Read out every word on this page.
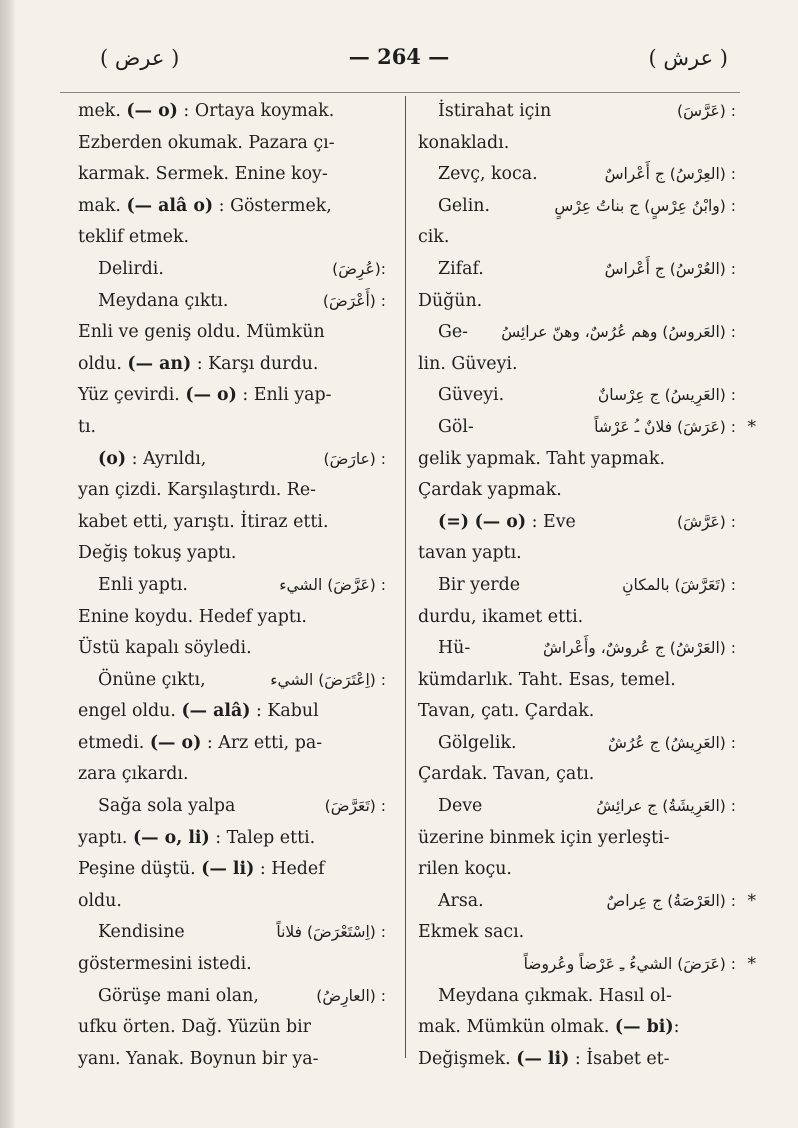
( عرض )	— 264 —	( عرش )
mek. (— o) : Ortaya koymak.
Ezberden okumak. Pazara çı-
karmak. Sermek. Enine koy-
mak. (— alâ o) : Göstermek,
teklif etmek.
Delirdi.	:(عُرِضَ)
Meydana çıktı.	: (أَعْرَضَ)
Enli ve geniş oldu. Mümkün
oldu. (— an) : Karşı durdu.
Yüz çevirdi. (— o) : Enli yap-
tı.
(o) : Ayrıldı,	: (عارَضَ)
yan çizdi. Karşılaştırdı. Re-
kabet etti, yarıştı. İtiraz etti.
Değiş tokuş yaptı.
Enli yaptı.	: (عَرَّضَ) الشيء
Enine koydu. Hedef yaptı.
Üstü kapalı söyledi.
Önüne çıktı,	: (اِعْتَرَضَ) الشيء
engel oldu. (— alâ) : Kabul
etmedi. (— o) : Arz etti, pa-
zara çıkardı.
Sağa sola yalpa	: (تَعَرَّضَ)
yaptı. (— o, li) : Talep etti.
Peşine düştü. (— li) : Hedef
oldu.
Kendisine	: (اِسْتَعْرَضَ) فلاناً
göstermesini istedi.
Görüşe mani olan,	: (العارِضُ)
ufku örten. Dağ. Yüzün bir
yanı. Yanak. Boynun bir ya-
İstirahat için	: (عَرَّسَ)
konakladı.
Zevç, koca.	: (العِرْسُ) ج أَعْراسٌ
Gelin.	: (وابْنُ عِرْسٍ) ج بناتُ عِرْسٍ
cik.
Zifaf.	: (العُرْسُ) ج أَعْراسٌ
Düğün.
Ge- : (العَروسُ) وهم عُرُسٌ، وهنّ عرائِسُ
lin. Güveyi.
Güveyi.	: (العَرِيسُ) ج عِرْسانٌ
Göl-	: (عَرَشَ) فلانٌ ـُ عَرْشاً *
gelik yapmak. Taht yapmak.
Çardak yapmak.
(=) (— o) : Eve	: (عَرَّشَ)
tavan yaptı.
Bir yerde	: (تَعَرَّشَ) بالمكانِ
durdu, ikamet etti.
Hü-	: (العَرْشُ) ج عُروشٌ، وأَعْراشٌ
kümdarlık. Taht. Esas, temel.
Tavan, çatı. Çardak.
Gölgelik.	: (العَرِيشُ) ج عُرُشٌ
Çardak. Tavan, çatı.
Deve	: (العَرِيشَةُ) ج عرائِشُ
üzerine binmek için yerleşti-
rilen koçu.
Arsa.	: (العَرْصَةُ) ج عِراصٌ *
Ekmek sacı.
: (عَرَضَ) الشيءُ ـِ عَرْضاً وعُروضاً *
Meydana çıkmak. Hasıl ol-
mak. Mümkün olmak. (— bi):
Değişmek. (— li) : İsabet et-
